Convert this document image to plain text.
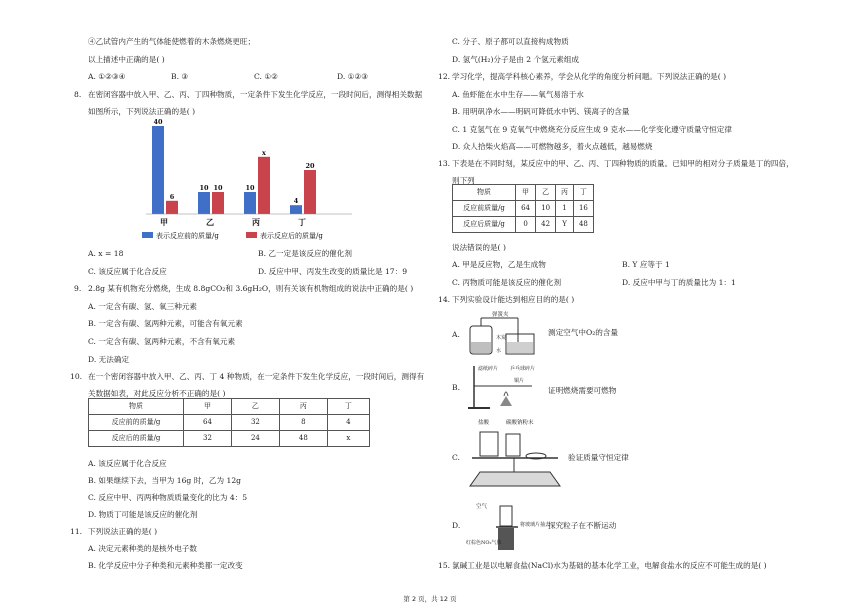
④乙试管内产生的气体能使燃着的木条燃烧更旺；
以上描述中正确的是( )
A. ①②③④	B. ③	C. ①②	D. ①②③
8. 在密闭容器中放入甲、乙、丙、丁四种物质，一定条件下发生化学反应，一段时间后，测得相关数据
如图所示，下列说法正确的是( )
40
6
甲
10 10
乙
10
x
丙
4
20
丁
表示反应前的质量/g	表示反应后的质量/g
A. x = 18	B. 乙一定是该反应的催化剂
C. 该反应属于化合反应	D. 反应中甲、丙发生改变的质量比是 17：9
9. 2.8g 某有机物充分燃烧，生成 8.8gCO₂和 3.6gH₂O，则有关该有机物组成的说法中正确的是( )
A. 一定含有碳、氢、氧三种元素
B. 一定含有碳、氢两种元素，可能含有氧元素
C. 一定含有碳、氢两种元素，不含有氧元素
D. 无法确定
10. 在一个密闭容器中放入甲、乙、丙、丁 4 种物质，在一定条件下发生化学反应，一段时间后，测得有
关数据如表，对此反应分析不正确的是( )
物质	甲	乙	丙	丁
反应前的质量/g	64	32	8	4
反应后的质量/g	32	24	48	x
A. 该反应属于化合反应
B. 如果继续下去，当甲为 16g 时，乙为 12g
C. 反应中甲、丙两种物质质量变化的比为 4：5
D. 物质丁可能是该反应的催化剂
11. 下列说法正确的是( )
A. 决定元素种类的是核外电子数
B. 化学反应中分子种类和元素种类都一定改变
C. 分子、原子都可以直接构成物质
D. 氢气(H₂)分子是由 2 个氢元素组成
12. 学习化学，提高学科核心素养，学会从化学的角度分析问题。下列说法正确的是( )
A. 鱼虾能在水中生存——氧气易溶于水
B. 用明矾净水——明矾可降低水中钙、镁离子的含量
C. 1 克氢气在 9 克氧气中燃烧充分反应生成 9 克水——化学变化遵守质量守恒定律
D. 众人拾柴火焰高——可燃物越多，着火点越低，越易燃烧
13. 下表是在不同时刻，某反应中的甲、乙、丙、丁四种物质的质量。已知甲的相对分子质量是丁的四倍，
则下列
物质	甲	乙	丙	丁
反应前质量/g	64	10	1	16
反应后质量/g	0	42	Y	48
说法错误的是( )
A. 甲是反应物，乙是生成物	B. Y 应等于 1
C. 丙物质可能是该反应的催化剂	D. 反应中甲与丁的质量比为 1：1
14. 下列实验设计能达到相应目的的是( )
A.
弹簧夹
木炭
水
测定空气中O₂的含量
B.
滤纸碎片 乒乓球碎片
铜片
证明燃烧需要可燃物
C.
盐酸	碳酸钠粉末
验证质量守恒定律
D.
空气
将玻璃片抽去
红棕色NO₂气体
探究粒子在不断运动
15. 氯碱工业是以电解食盐(NaCl)水为基础的基本化学工业，电解食盐水的反应不可能生成的是( )
第 2 页，共 12 页
